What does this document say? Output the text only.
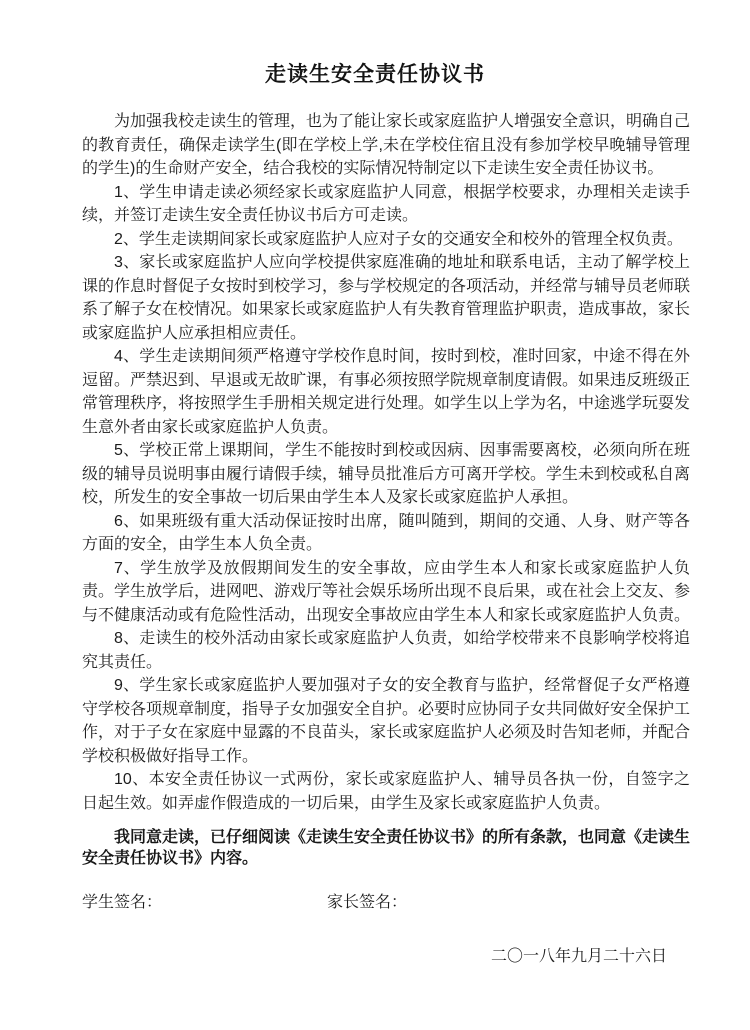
走读生安全责任协议书

为加强我校走读生的管理，也为了能让家长或家庭监护人增强安全意识，明确自己的教育责任，确保走读学生(即在学校上学,未在学校住宿且没有参加学校早晚辅导管理的学生)的生命财产安全，结合我校的实际情况特制定以下走读生安全责任协议书。

1、学生申请走读必须经家长或家庭监护人同意，根据学校要求，办理相关走读手续，并签订走读生安全责任协议书后方可走读。

2、学生走读期间家长或家庭监护人应对子女的交通安全和校外的管理全权负责。

3、家长或家庭监护人应向学校提供家庭准确的地址和联系电话，主动了解学校上课的作息时督促子女按时到校学习，参与学校规定的各项活动，并经常与辅导员老师联系了解子女在校情况。如果家长或家庭监护人有失教育管理监护职责，造成事故，家长或家庭监护人应承担相应责任。

4、学生走读期间须严格遵守学校作息时间，按时到校，准时回家，中途不得在外逗留。严禁迟到、早退或无故旷课，有事必须按照学院规章制度请假。如果违反班级正常管理秩序，将按照学生手册相关规定进行处理。如学生以上学为名，中途逃学玩耍发生意外者由家长或家庭监护人负责。

5、学校正常上课期间，学生不能按时到校或因病、因事需要离校，必须向所在班级的辅导员说明事由履行请假手续，辅导员批准后方可离开学校。学生未到校或私自离校，所发生的安全事故一切后果由学生本人及家长或家庭监护人承担。

6、如果班级有重大活动保证按时出席，随叫随到，期间的交通、人身、财产等各方面的安全，由学生本人负全责。

7、学生放学及放假期间发生的安全事故，应由学生本人和家长或家庭监护人负责。学生放学后，进网吧、游戏厅等社会娱乐场所出现不良后果，或在社会上交友、参与不健康活动或有危险性活动，出现安全事故应由学生本人和家长或家庭监护人负责。

8、走读生的校外活动由家长或家庭监护人负责，如给学校带来不良影响学校将追究其责任。

9、学生家长或家庭监护人要加强对子女的安全教育与监护，经常督促子女严格遵守学校各项规章制度，指导子女加强安全自护。必要时应协同子女共同做好安全保护工作，对于子女在家庭中显露的不良苗头，家长或家庭监护人必须及时告知老师，并配合学校积极做好指导工作。

10、本安全责任协议一式两份，家长或家庭监护人、辅导员各执一份，自签字之日起生效。如弄虚作假造成的一切后果，由学生及家长或家庭监护人负责。

我同意走读，已仔细阅读《走读生安全责任协议书》的所有条款，也同意《走读生安全责任协议书》内容。

学生签名：	家长签名：
二〇一八年九月二十六日
